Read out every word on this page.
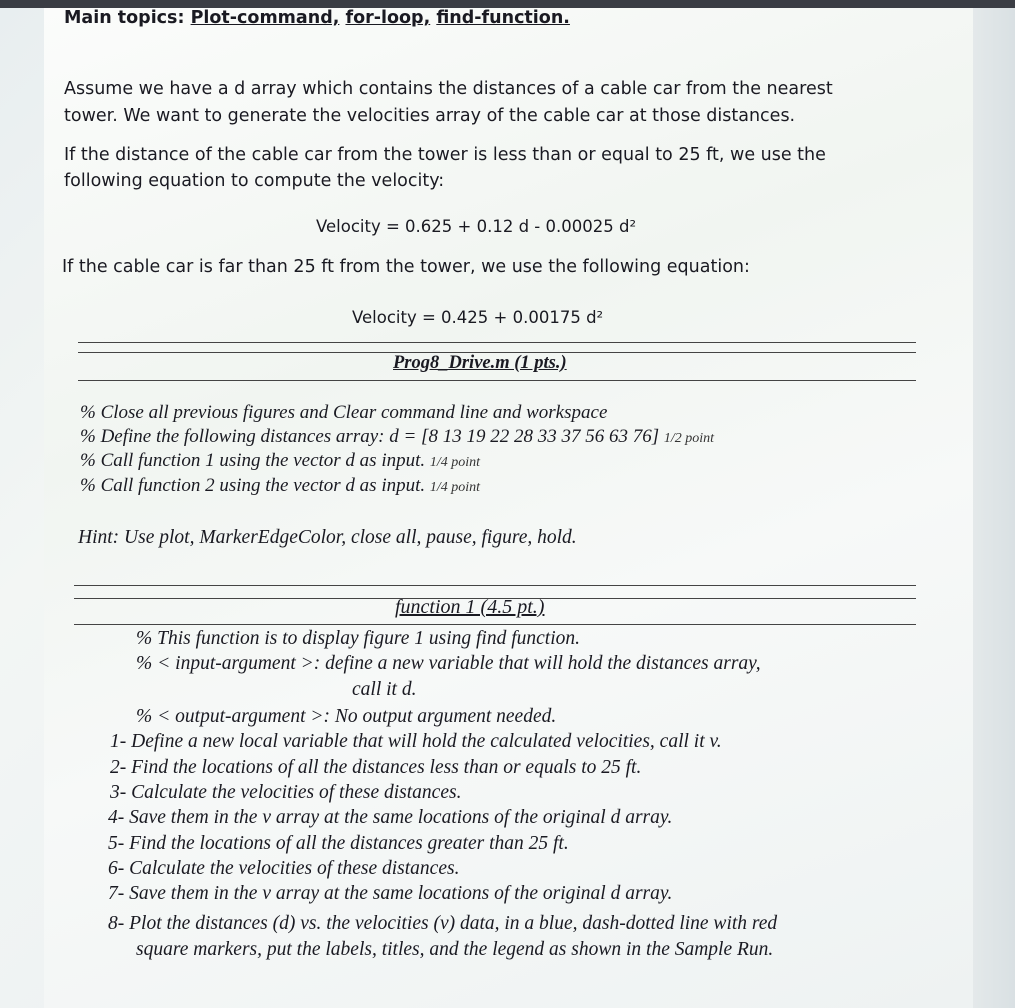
Main topics: Plot-command, for-loop, find-function.
Assume we have a d array which contains the distances of a cable car from the nearest
tower. We want to generate the velocities array of the cable car at those distances.
If the distance of the cable car from the tower is less than or equal to 25 ft, we use the
following equation to compute the velocity:
Velocity = 0.625 + 0.12 d - 0.00025 d²
If the cable car is far than 25 ft from the tower, we use the following equation:
Velocity = 0.425 + 0.00175 d²
Prog8_Drive.m (1 pts.)
% Close all previous figures and Clear command line and workspace
% Define the following distances array: d = [8 13 19 22 28 33 37 56 63 76] 1/2 point
% Call function 1 using the vector d as input. 1/4 point
% Call function 2 using the vector d as input. 1/4 point
Hint: Use plot, MarkerEdgeColor, close all, pause, figure, hold.
function 1 (4.5 pt.)
% This function is to display figure 1 using find function.
% < input-argument >: define a new variable that will hold the distances array,
call it d.
% < output-argument >: No output argument needed.
1- Define a new local variable that will hold the calculated velocities, call it v.
2- Find the locations of all the distances less than or equals to 25 ft.
3- Calculate the velocities of these distances.
4- Save them in the v array at the same locations of the original d array.
5- Find the locations of all the distances greater than 25 ft.
6- Calculate the velocities of these distances.
7- Save them in the v array at the same locations of the original d array.
8- Plot the distances (d) vs. the velocities (v) data, in a blue, dash-dotted line with red
square markers, put the labels, titles, and the legend as shown in the Sample Run.
